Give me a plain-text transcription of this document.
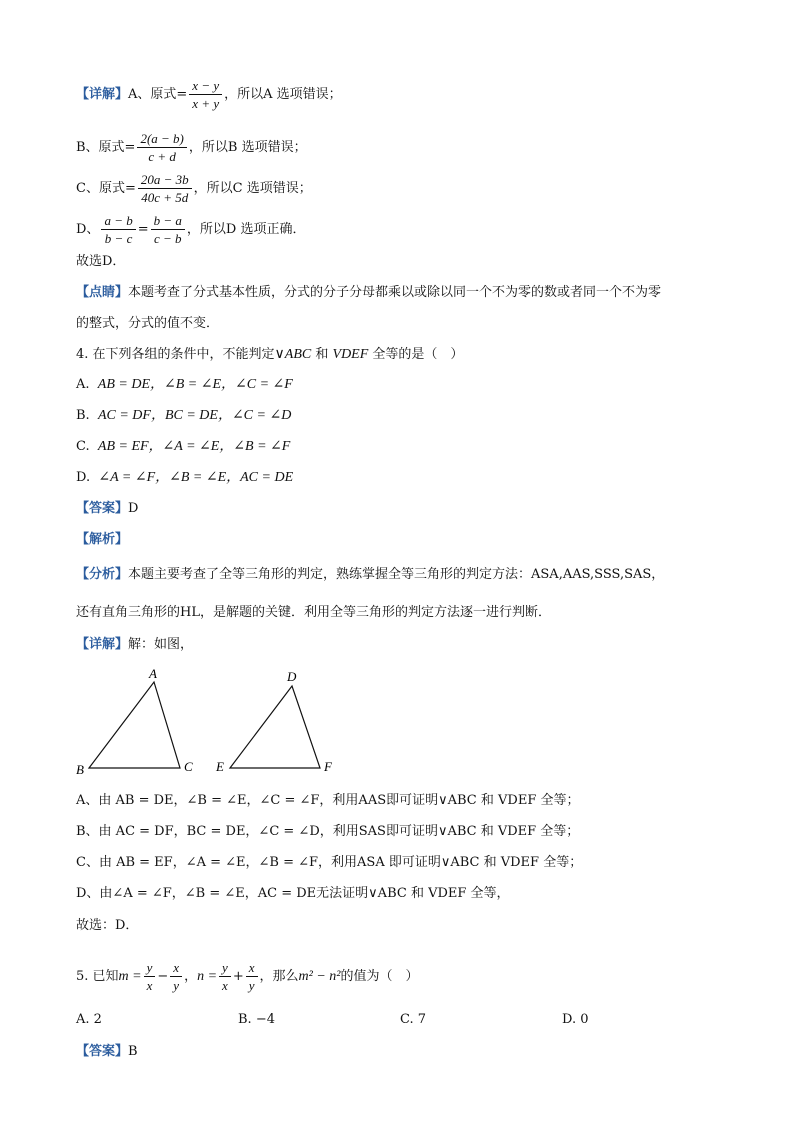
【详解】A、原式= $\frac{x - y}{x + y}$ ，所以A 选项错误；
B、原式= $\frac{2(a - b)}{c + d}$ ，所以B 选项错误；
C、原式= $\frac{20a - 3b}{40c + 5d}$ ，所以C 选项错误；
D、 $\frac{a - b}{b - c} = \frac{b - a}{c - b}$ ，所以D 选项正确．
故选D．
【点睛】本题考查了分式基本性质，分式的分子分母都乘以或除以同一个不为零的数或者同一个不为零
的整式，分式的值不变．
4. 在下列各组的条件中，不能判定∨ABC 和 VDEF 全等的是（　）
A. AB = DE，∠B = ∠E，∠C = ∠F
B. AC = DF，BC = DE，∠C = ∠D
C. AB = EF，∠A = ∠E，∠B = ∠F
D. ∠A = ∠F，∠B = ∠E，AC = DE
【答案】D
【解析】
【分析】本题主要考查了全等三角形的判定，熟练掌握全等三角形的判定方法：ASA,AAS,SSS,SAS，
还有直角三角形的HL，是解题的关键．利用全等三角形的判定方法逐一进行判断．
【详解】解：如图，
A
B	C
D
E	F
A、由 AB = DE，∠B = ∠E，∠C = ∠F，利用AAS即可证明∨ABC 和 VDEF 全等；
B、由 AC = DF，BC = DE，∠C = ∠D，利用SAS即可证明∨ABC 和 VDEF 全等；
C、由 AB = EF，∠A = ∠E，∠B = ∠F，利用ASA 即可证明∨ABC 和 VDEF 全等；
D、由∠A = ∠F，∠B = ∠E，AC = DE无法证明∨ABC 和 VDEF 全等，
故选：D．
5. 已知$m = \frac{y}{x} - \frac{x}{y}$ ，$n = \frac{y}{x} + \frac{x}{y}$ ，那么m² − n²的值为（　）
A. 2	B. −4	C. 7	D. 0
【答案】B
